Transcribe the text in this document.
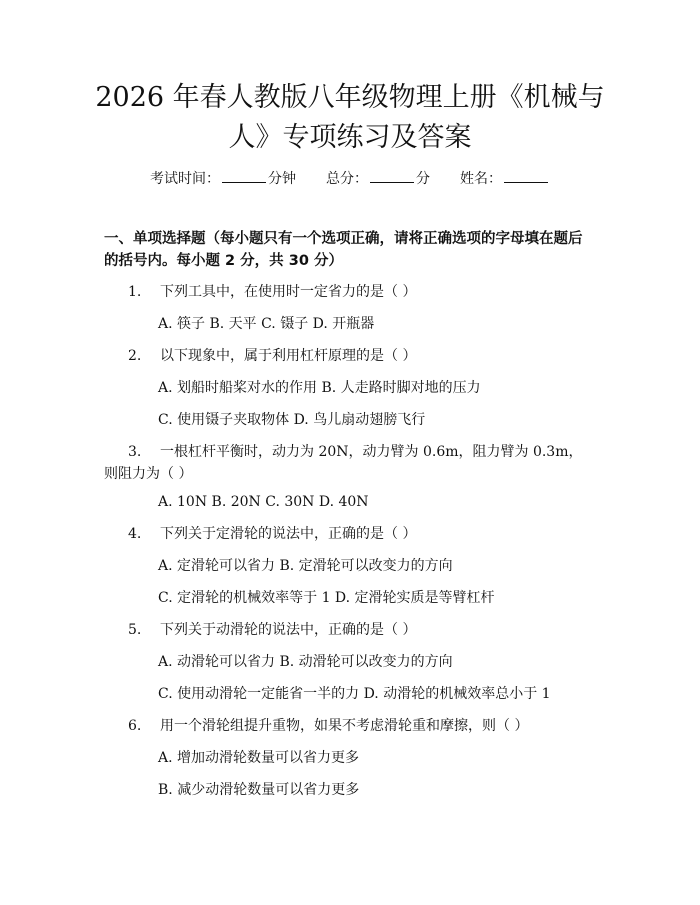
2026 年春人教版八年级物理上册《机械与
人》专项练习及答案
考试时间：	分钟 总分：	分 姓名：
一、单项选择题（每小题只有一个选项正确，请将正确选项的字母填在题后的括号内。每小题 2 分，共 30 分）
1. 下列工具中，在使用时一定省力的是（ ）
A. 筷子 B. 天平 C. 镊子 D. 开瓶器
2. 以下现象中，属于利用杠杆原理的是（ ）
A. 划船时船桨对水的作用 B. 人走路时脚对地的压力
C. 使用镊子夹取物体 D. 鸟儿扇动翅膀飞行
3. 一根杠杆平衡时，动力为 20N，动力臂为 0.6m，阻力臂为 0.3m，则阻力为（ ）
A. 10N B. 20N C. 30N D. 40N
4. 下列关于定滑轮的说法中，正确的是（ ）
A. 定滑轮可以省力 B. 定滑轮可以改变力的方向
C. 定滑轮的机械效率等于 1 D. 定滑轮实质是等臂杠杆
5. 下列关于动滑轮的说法中，正确的是（ ）
A. 动滑轮可以省力 B. 动滑轮可以改变力的方向
C. 使用动滑轮一定能省一半的力 D. 动滑轮的机械效率总小于 1
6. 用一个滑轮组提升重物，如果不考虑滑轮重和摩擦，则（ ）
A. 增加动滑轮数量可以省力更多
B. 减少动滑轮数量可以省力更多
